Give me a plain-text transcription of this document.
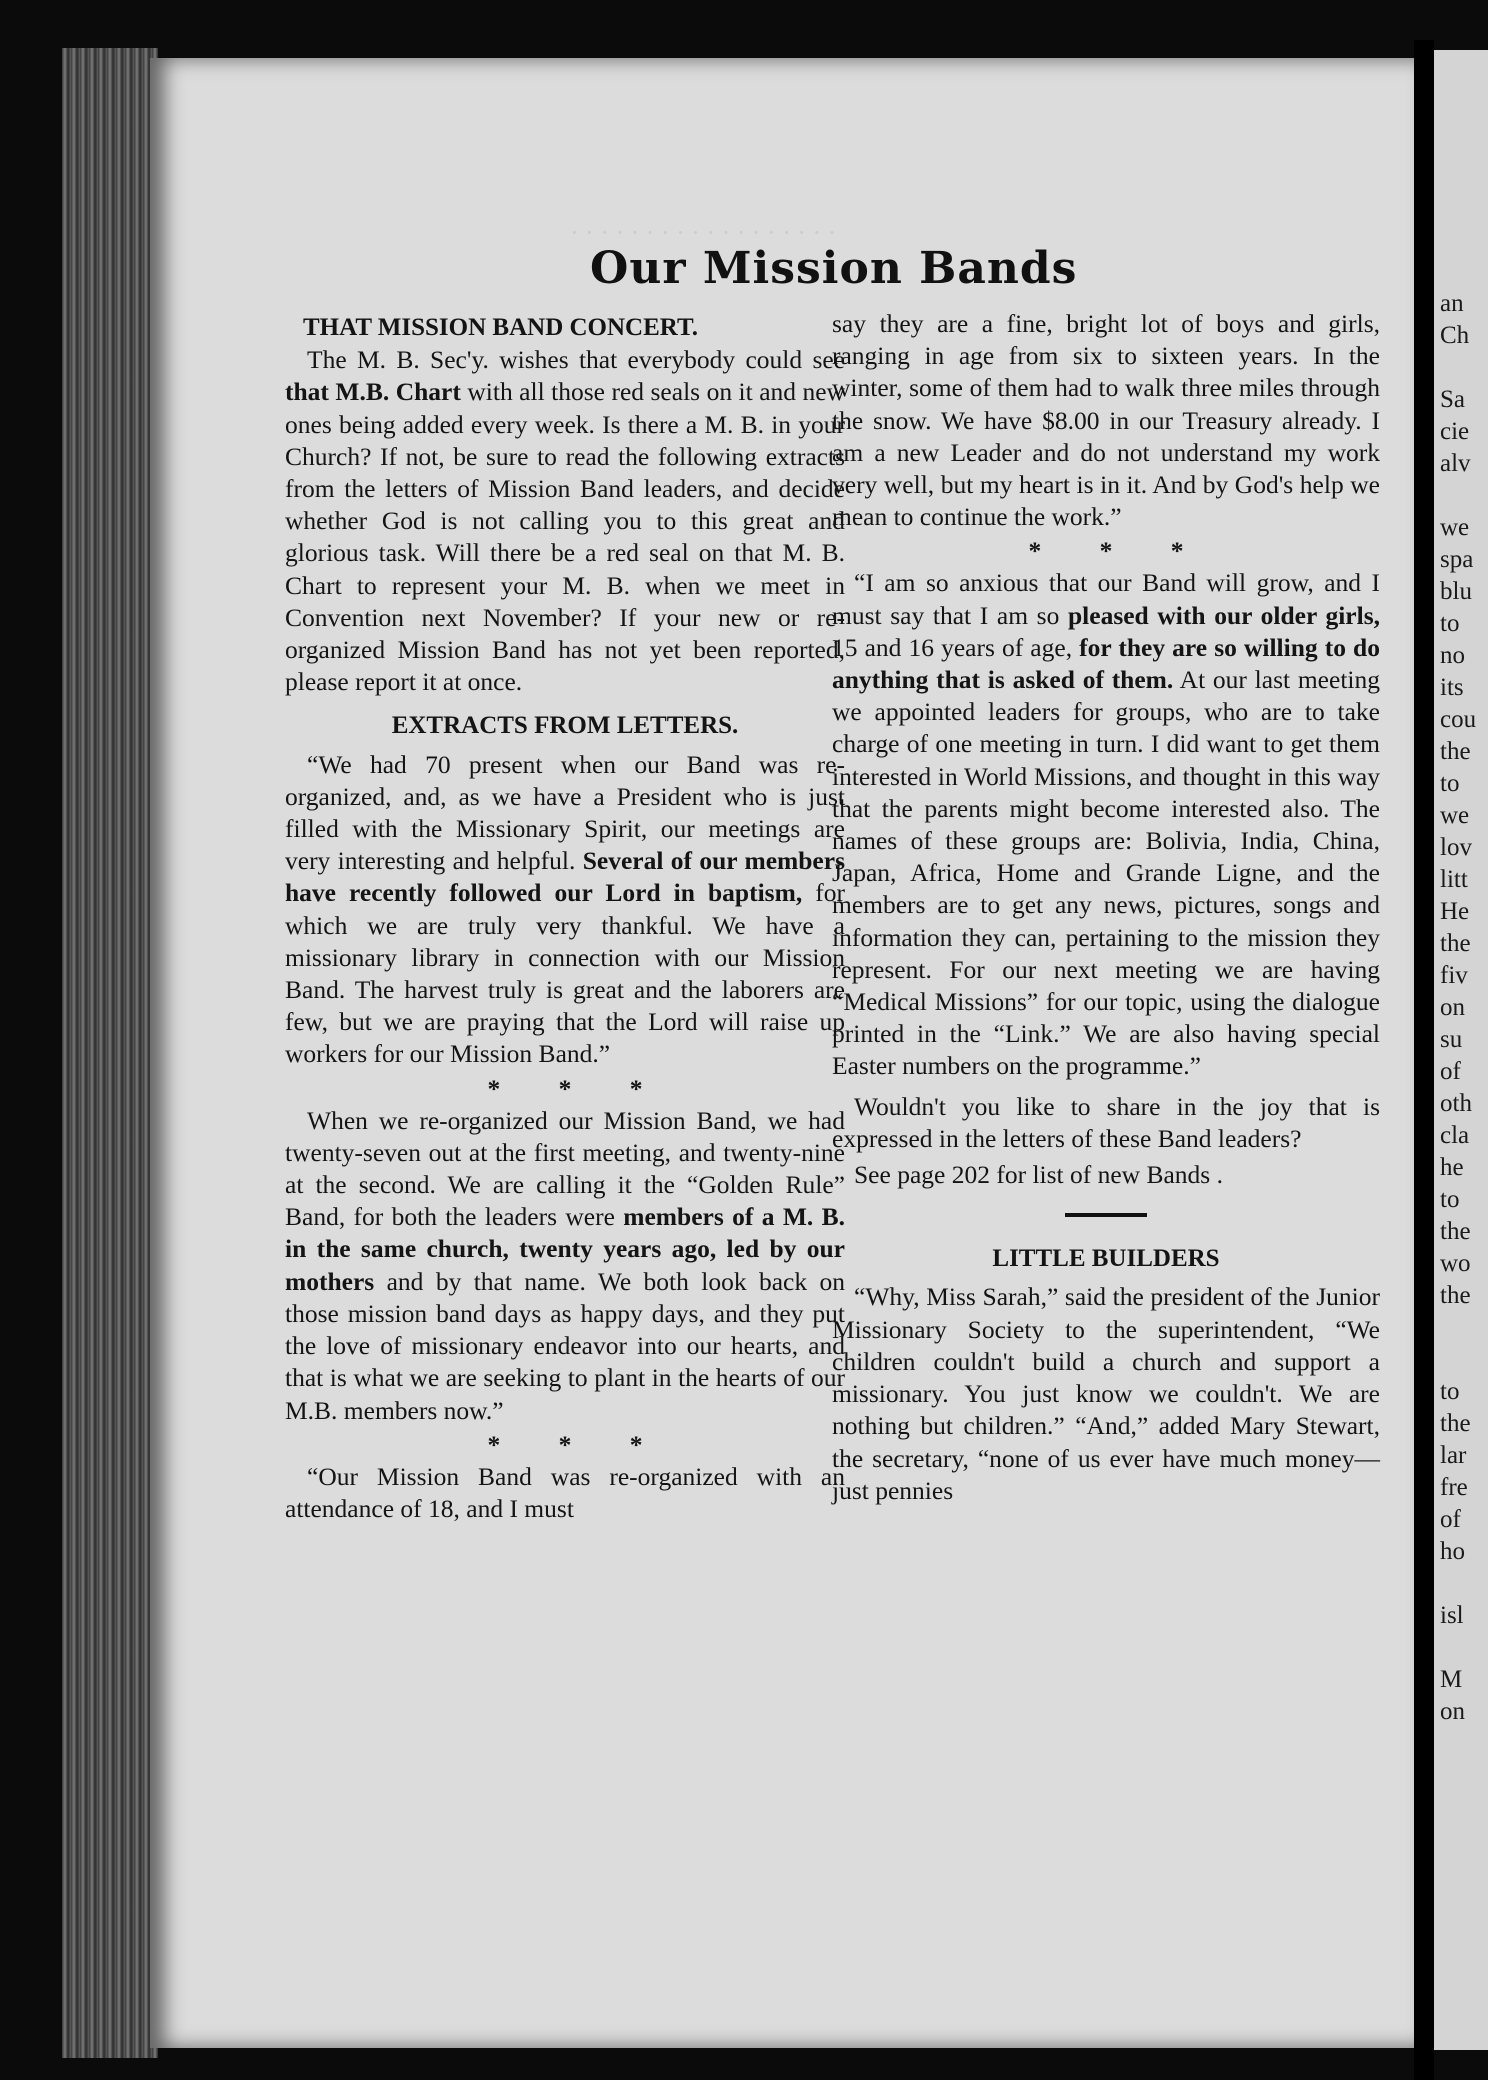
· · · · · · · · · · · · · · · · · ·
Our Mission Bands
THAT MISSION BAND CONCERT.

The M. B. Sec'y. wishes that everybody could see that M.B. Chart with all those red seals on it and new ones being added every week. Is there a M. B. in your Church? If not, be sure to read the following extracts from the letters of Mission Band leaders, and decide whether God is not calling you to this great and glorious task. Will there be a red seal on that M. B. Chart to represent your M. B. when we meet in Convention next November? If your new or re-organized Mission Band has not yet been reported, please report it at once.

EXTRACTS FROM LETTERS.

“We had 70 present when our Band was re-organized, and, as we have a President who is just filled with the Missionary Spirit, our meetings are very interesting and helpful. Several of our members have recently followed our Lord in baptism, for which we are truly very thankful. We have a missionary library in connection with our Mission Band. The harvest truly is great and the laborers are few, but we are praying that the Lord will raise up workers for our Mission Band.”

* * *

When we re-organized our Mission Band, we had twenty-seven out at the first meeting, and twenty-nine at the second. We are calling it the “Golden Rule” Band, for both the leaders were members of a M. B. in the same church, twenty years ago, led by our mothers and by that name. We both look back on those mission band days as happy days, and they put the love of missionary endeavor into our hearts, and that is what we are seeking to plant in the hearts of our M.B. members now.”

* * *

“Our Mission Band was re-organized with an attendance of 18, and I must

say they are a fine, bright lot of boys and girls, ranging in age from six to sixteen years. In the winter, some of them had to walk three miles through the snow. We have $8.00 in our Treasury already. I am a new Leader and do not understand my work very well, but my heart is in it. And by God's help we mean to continue the work.”

* * *

“I am so anxious that our Band will grow, and I must say that I am so pleased with our older girls, 15 and 16 years of age, for they are so willing to do anything that is asked of them. At our last meeting we appointed leaders for groups, who are to take charge of one meeting in turn. I did want to get them interested in World Missions, and thought in this way that the parents might become interested also. The names of these groups are: Bolivia, India, China, Japan, Africa, Home and Grande Ligne, and the members are to get any news, pictures, songs and information they can, pertaining to the mission they represent. For our next meeting we are having “Medical Missions” for our topic, using the dialogue printed in the “Link.” We are also having special Easter numbers on the programme.”

Wouldn't you like to share in the joy that is expressed in the letters of these Band leaders?

See page 202 for list of new Bands .

LITTLE BUILDERS

“Why, Miss Sarah,” said the president of the Junior Missionary Society to the superintendent, “We children couldn't build a church and support a missionary. You just know we couldn't. We are nothing but children.” “And,” added Mary Stewart, the secretary, “none of us ever have much money—just pennies

an
Ch
Sa
cie
alv
we
spa
blu
to
no
its
cou
the
to
we
lov
litt
He
the
fiv
on
su
of
oth
cla
he
to
the
wo
the
to
the
lar
fre
of
ho
isl
M
on
